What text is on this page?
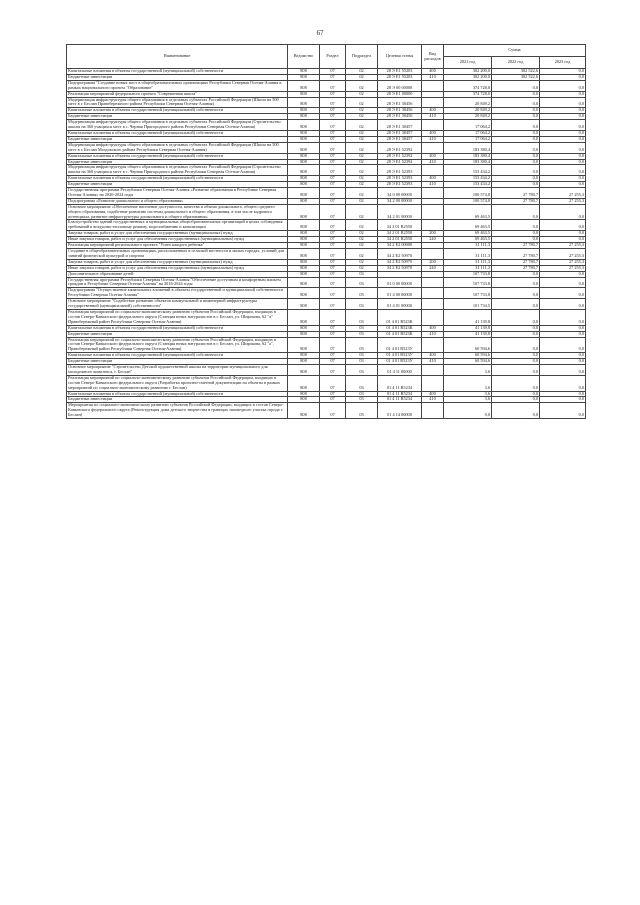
67
Наименование	Ведомство	Раздел	Подраздел	Целевая статья	Вид расходов	Сумма		
						2021 год	2022 год	2023 год
Капитальные вложения в объекты государственной (муниципальной) собственности	808	07	02	28 Э E1 55203	400	302 200,0	302 522,6	0,0
Бюджетные инвестиции	808	07	02	28 Э E1 55203	410	302 200,0	302 522,6	0,0
Подпрограмма "Создание новых мест в общеобразовательных организациях Республики Северная Осетия-Алания в рамках национального проекта "Образование"	808	07	02	28 Э 00 00000		374 728,0	0,0	0,0
Реализация мероприятий федерального проекта "Современная школа"	808	07	02	28 Э E1 00000		374 728,0	0,0	0,0
Модернизация инфраструктуры общего образования в отдельных субъектах Российской Федерации (Школа на 500 мест в г. Беслан Правобережного района Республики Северная Осетия-Алания)	808	07	02	28 Э E1 30456		20 849,2	0,0	0,0
Капитальные вложения в объекты государственной (муниципальной) собственности	808	07	02	28 Э E1 30456	400	20 849,2	0,0	0,0
Бюджетные инвестиции	808	07	02	28 Э E1 30456	410	20 849,2	0,0	0,0
Модернизация инфраструктуры общего образования в отдельных субъектах Российской Федерации (Строительство школы на 360 учащихся мест в с. Черная Пригородного района Республики Северная Осетия-Алания)	808	07	02	28 Э E1 30457		17 064,2	0,0	0,0
Капитальные вложения в объекты государственной (муниципальной) собственности	808	07	02	28 Э E1 30457	400	17 064,2	0,0	0,0
Бюджетные инвестиции	808	07	02	28 Э E1 30457	410	17 064,2	0,0	0,0
Модернизация инфраструктуры общего образования в отдельных субъектах Российской Федерации (Школа на 500 мест в г. Беслан Моздокского района Республики Северная Осетия-Алания)	808	07	02	28 Э E1 52392		183 380,4	0,0	0,0
Капитальные вложения в объекты государственной (муниципальной) собственности	808	07	02	28 Э E1 52392	400	183 380,4	0,0	0,0
Бюджетные инвестиции	808	07	02	28 Э E1 52392	410	183 380,4	0,0	0,0
Модернизация инфраструктуры общего образования в отдельных субъектах Российской Федерации (Строительство школы на 360 учащихся мест в с. Черная Пригородного района Республики Северная Осетия-Алания)	808	07	02	28 Э E1 52393		153 434,2	0,0	0,0
Капитальные вложения в объекты государственной (муниципальной) собственности	808	07	02	28 Э E1 52393	400	153 434,2	0,0	0,0
Бюджетные инвестиции	808	07	02	28 Э E1 52393	410	153 434,2	0,0	0,0
Государственная программа Республики Северная Осетия-Алания «Развитие образования в Республике Северная Осетия-Алания» на 2020-2024 годы	808	07	02	34 0 00 00000		100 574,8	27 780,7	27 255,3
Подпрограмма «Развитие дошкольного и общего образования»	808	07	02	34 2 00 00000		100 574,8	27 780,7	27 255,3
Основное мероприятие «Обеспечение население доступности, качества и объема дошкольного, общего среднего общего образования, содействие развитию системы дошкольного и общего образования, в том числе кадрового потенциала, развитие инфраструктуры дошкольного и общего образования»	808	07	02	34 2 01 00000		69 463,5	0,0	0,0
Благоустройство зданий государственных и муниципальных общеобразовательных организаций в целях соблюдения требований к воздушно-тепловому режиму, водоснабжению и канализации	808	07	02	34 2 01 R2550		69 463,5	0,0	0,0
Закупка товаров, работ и услуг для обеспечения государственных (муниципальных) нужд	808	07	02	34 2 01 R2550	200	69 463,5	0,0	0,0
Иные закупки товаров, работ и услуг для обеспечения государственных (муниципальных) нужд	808	07	02	34 2 01 R2550	240	69 463,5	0,0	0,0
Реализация мероприятий регионального проекта "Успех каждого ребенка"	808	07	02	34 2 E2 00000		31 111,3	27 780,7	27 255,3
Создание в общеобразовательных организациях, расположенных в сельской местности и малых городах, условий для занятий физической культурой и спортом	808	07	02	34 2 E2 50970		31 111,3	27 780,7	27 255,3
Закупка товаров, работ и услуг для обеспечения государственных (муниципальных) нужд	808	07	02	34 2 E2 50970	200	31 111,3	27 780,7	27 255,3
Иные закупки товаров, работ и услуг для обеспечения государственных (муниципальных) нужд	808	07	02	34 2 E2 50970	240	31 111,3	27 780,7	27 255,3
Дополнительное образование детей	808	07	03			107 733,8	0,0	0,0
Государственная программа Республики Северная Осетия-Алания "Обеспечение доступным и комфортным жильем граждан в Республике Северная Осетия-Алания" на 2016-2024 годы	808	07	03	01 0 00 00000		107 733,8	0,0	0,0
Подпрограмма "Осуществление капитальных вложений в объекты государственной и муниципальной собственности Республики Северная Осетия-Алания"	808	07	03	01 4 00 00000		107 733,8	0,0	0,0
Основное мероприятие "Содействие развитию объектов коммунальной и инженерной инфраструктуры государственной (муниципальной) собственности"	808	07	03	01 4 01 00000		101 734,5	0,0	0,0
Реализация мероприятий по социально-экономическому развитию субъектов Российской Федерации, входящих в состав Северо-Кавказского федерального округа (Станция юных натуралистов в г. Беслан, ул. Широкова, 62 "а" Правобережный район Республики Северная Осетия-Алания)	808	07	03	01 4 01 R523К		41 139,8	0,0	0,0
Капитальные вложения в объекты государственной (муниципальной) собственности	808	07	03	01 4 01 R523К	400	41 139,8	0,0	0,0
Бюджетные инвестиции	808	07	03	01 4 01 R523К	410	41 139,8	0,0	0,0
Реализация мероприятий по социально-экономическому развитию субъектов Российской Федерации, входящих в состав Северо-Кавказского федерального округа (Станция юных натуралистов в г. Беслан, ул. Широкова, 62 "а", Правобережный район Республики Северная Осетия-Алания)	808	07	03	01 4 01 R523У		60 594,6	0,0	0,0
Капитальные вложения в объекты государственной (муниципальной) собственности	808	07	03	01 4 01 R523У	400	60 594,6	0,0	0,0
Бюджетные инвестиции	808	07	03	01 4 01 R523У	410	60 594,6	0,0	0,0
Основное мероприятие "Строительство Детской художественной школы на территории муниципального для молодежного комплекса, г. Беслан"	808	07	03	01 4 11 00000		3,6	0,0	0,0
Реализация мероприятий по социально-экономическому развитию субъектов Российской Федерации, входящих в состав Северо-Кавказского федерального округа (Разработка проектно-сметной документации на объекты в рамках мероприятий по социально-экономическому развитию г. Беслан)	808	07	03	01 4 11 R5234		3,6	0,0	0,0
Капитальные вложения в объекты государственной (муниципальной) собственности	808	07	03	01 4 11 R5234	400	3,6	0,0	0,0
Бюджетные инвестиции	808	07	03	01 4 11 R5234	410	3,6	0,0	0,0
Мероприятия по социально-экономическому развитию субъектов Российской Федерации, входящих в состав Северо-Кавказского федерального округа (Реконструкция дома детского творчества в границах заповедного участка города г. Беслан)	808	07	03	01 4 14 00000		0,0	0,0	0,0
